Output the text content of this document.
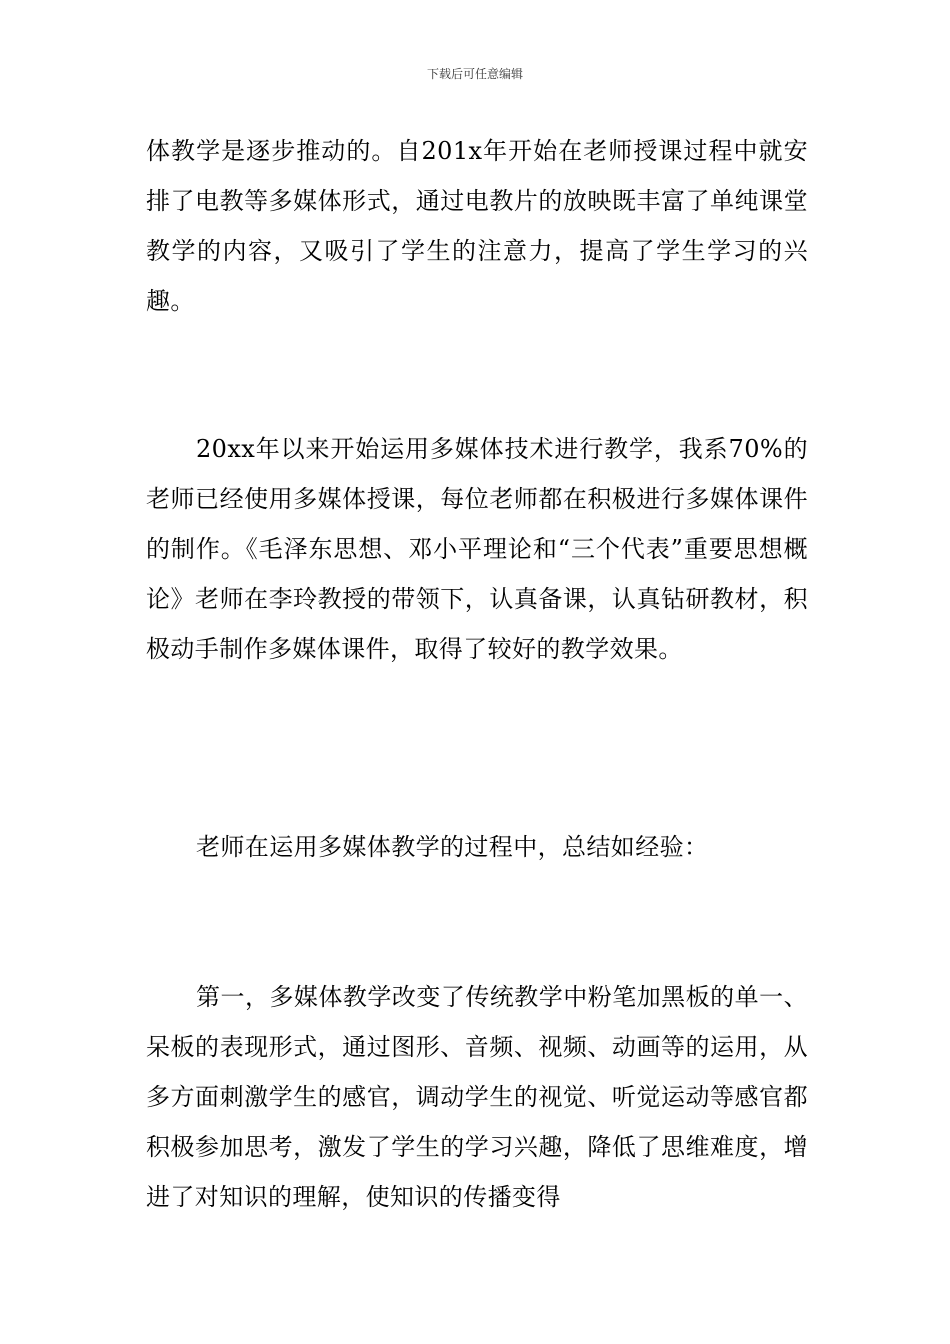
下载后可任意编辑

体教学是逐步推动的。自201x年开始在老师授课过程中就安排了电教等多媒体形式，通过电教片的放映既丰富了单纯课堂教学的内容，又吸引了学生的注意力，提高了学生学习的兴趣。

20xx年以来开始运用多媒体技术进行教学，我系70%的老师已经使用多媒体授课，每位老师都在积极进行多媒体课件的制作。《毛泽东思想、邓小平理论和“三个代表”重要思想概论》老师在李玲教授的带领下，认真备课，认真钻研教材，积极动手制作多媒体课件，取得了较好的教学效果。

老师在运用多媒体教学的过程中，总结如经验：

第一，多媒体教学改变了传统教学中粉笔加黑板的单一、呆板的表现形式，通过图形、音频、视频、动画等的运用，从多方面刺激学生的感官，调动学生的视觉、听觉运动等感官都积极参加思考，激发了学生的学习兴趣，降低了思维难度，增进了对知识的理解，使知识的传播变得
